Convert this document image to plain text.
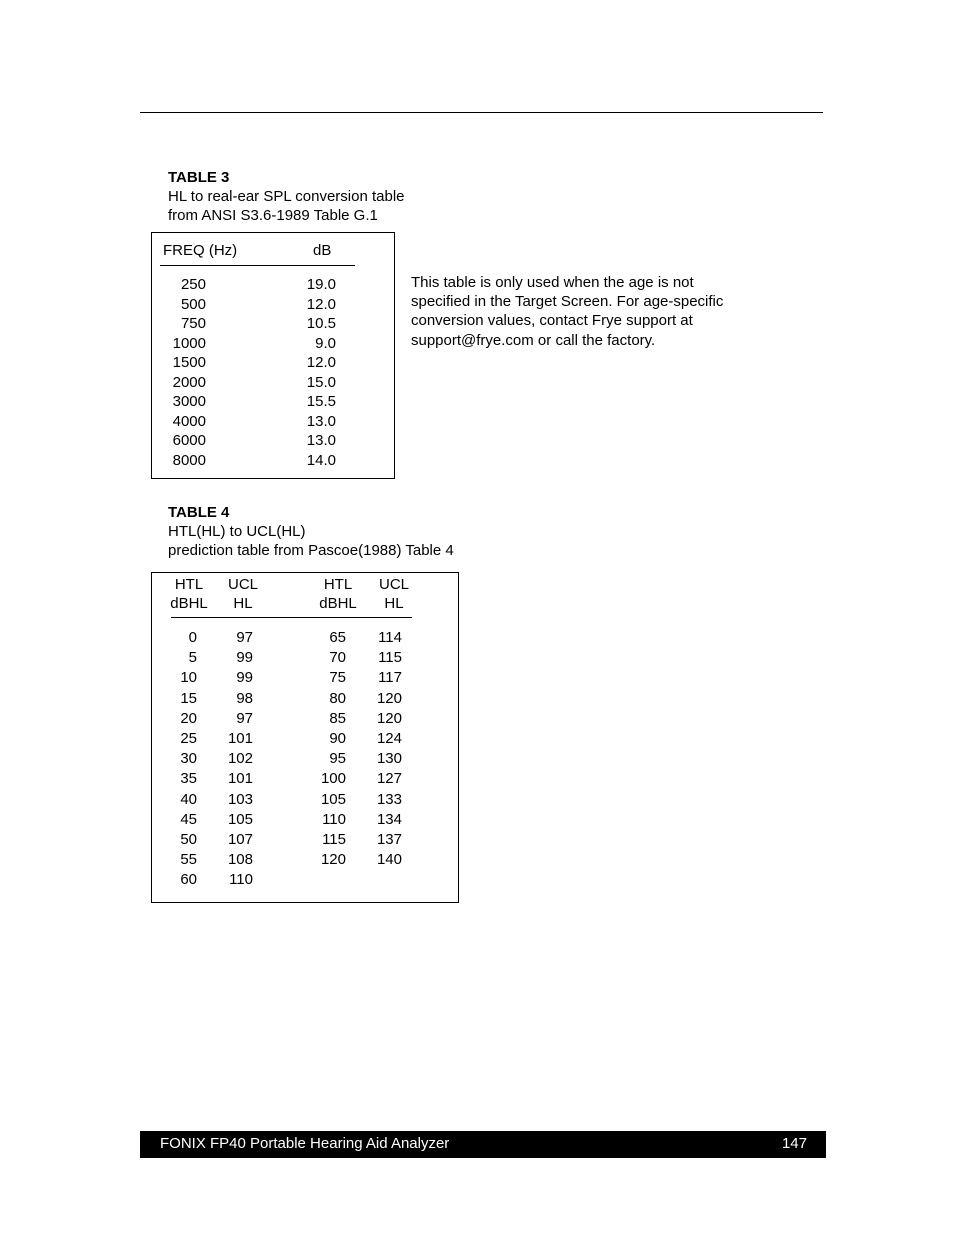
TABLE 3
HL to real-ear SPL conversion table
from ANSI S3.6-1989 Table G.1
FREQ (Hz)	dB
250
500
750
1000
1500
2000
3000
4000
6000
8000
19.0
12.0
10.5
9.0
12.0
15.0
15.5
13.0
13.0
14.0
This table is only used when the age is not specified in the Target Screen. For age-specific conversion values, contact Frye support at support@frye.com or call the factory.
TABLE 4
HTL(HL) to UCL(HL)
prediction table from Pascoe(1988) Table 4
HTL
dBHL
UCL
HL
HTL
dBHL
UCL
HL
0
5
10
15
20
25
30
35
40
45
50
55
60
97
99
99
98
97
101
102
101
103
105
107
108
110
65
70
75
80
85
90
95
100
105
110
115
120
114
115
117
120
120
124
130
127
133
134
137
140
FONIX FP40 Portable Hearing Aid Analyzer	147
